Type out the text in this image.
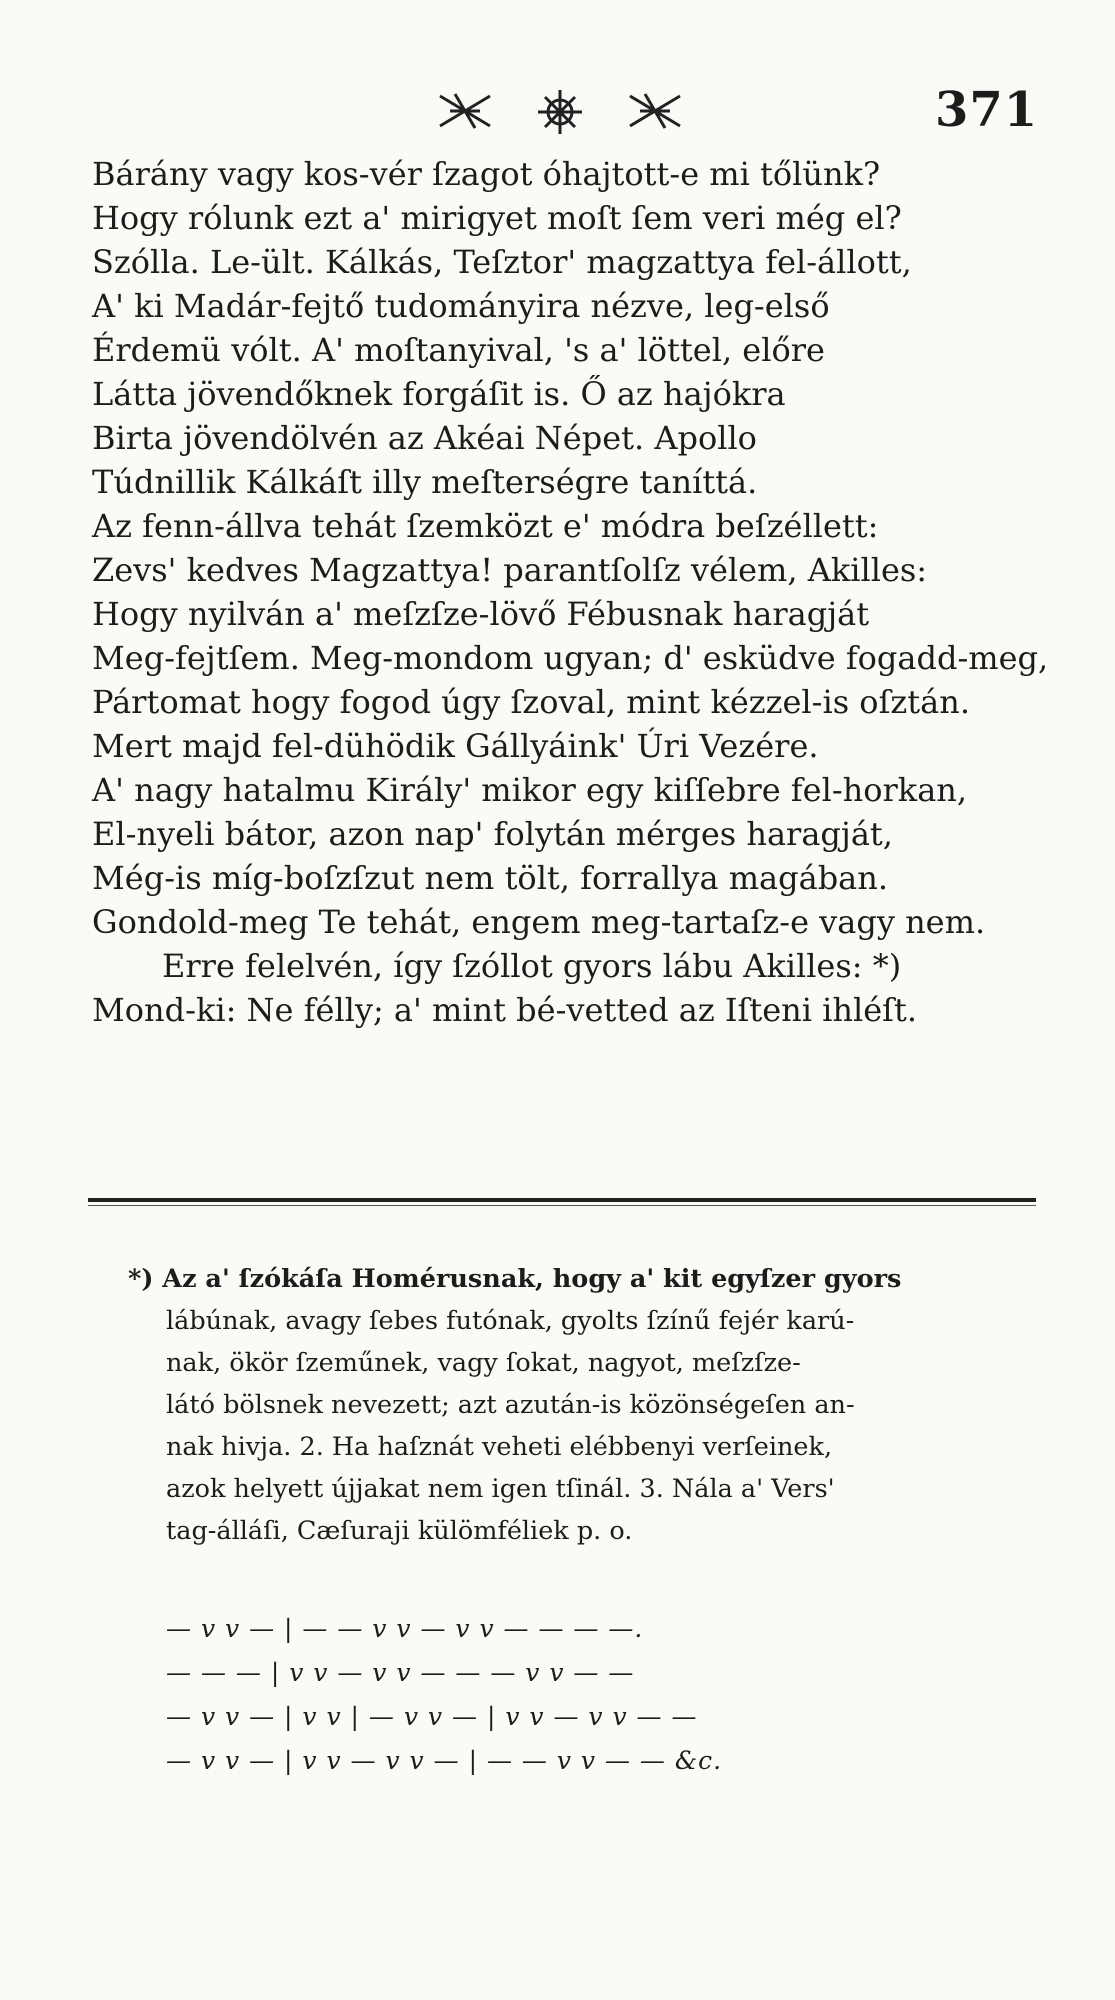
371
Bárány vagy kos-vér ſzagot óhajtott-e mi tőlünk?
Hogy rólunk ezt a' mirigyet moſt ſem veri még el?
Szólla. Le-ült. Kálkás, Teſztor' magzattya fel-állott,
A' ki Madár-fejtő tudományira nézve, leg-első
Érdemü vólt. A' moſtanyival, 's a' löttel, előre
Látta jövendőknek forgáſit is. Ő az hajókra
Birta jövendölvén az Akéai Népet. Apollo
Túdnillik Kálkáſt illy meſterségre taníttá.
Az fenn-állva tehát ſzemközt e' módra beſzéllett:
Zevs' kedves Magzattya! parantſolſz vélem, Akilles:
Hogy nyilván a' meſzſze-lövő Fébusnak haragját
Meg-fejtſem. Meg-mondom ugyan; d' esküdve fogadd-meg,
Pártomat hogy fogod úgy ſzoval, mint kézzel-is oſztán.
Mert majd fel-dühödik Gállyáink' Úri Vezére.
A' nagy hatalmu Király' mikor egy kiſſebre fel-horkan,
El-nyeli bátor, azon nap' folytán mérges haragját,
Még-is míg-boſzſzut nem tölt, forrallya magában.
Gondold-meg Te tehát, engem meg-tartaſz-e vagy nem.
Erre felelvén, így ſzóllot gyors lábu Akilles: *)
Mond-ki: Ne félly; a' mint bé-vetted az Iſteni ihléſt.
*) Az a' ſzókáſa Homérusnak, hogy a' kit egyſzer gyors
lábúnak, avagy ſebes futónak, gyolts ſzínű fejér karú-
nak, ökör ſzeműnek, vagy ſokat, nagyot, meſzſze-
látó bölsnek nevezett; azt azután-is közönségeſen an-
nak hivja. 2. Ha haſznát veheti elébbenyi verſeinek,
azok helyett újjakat nem igen tſinál. 3. Nála a' Vers'
tag-álláſi, Cæſuraji külömféliek p. o.
— v v — | — — v v — v v — — — —.
— — — | v v — v v — — — v v — —
— v v — | v v | — v v — | v v — v v — —
— v v — | v v — v v — | — — v v — — &c.
